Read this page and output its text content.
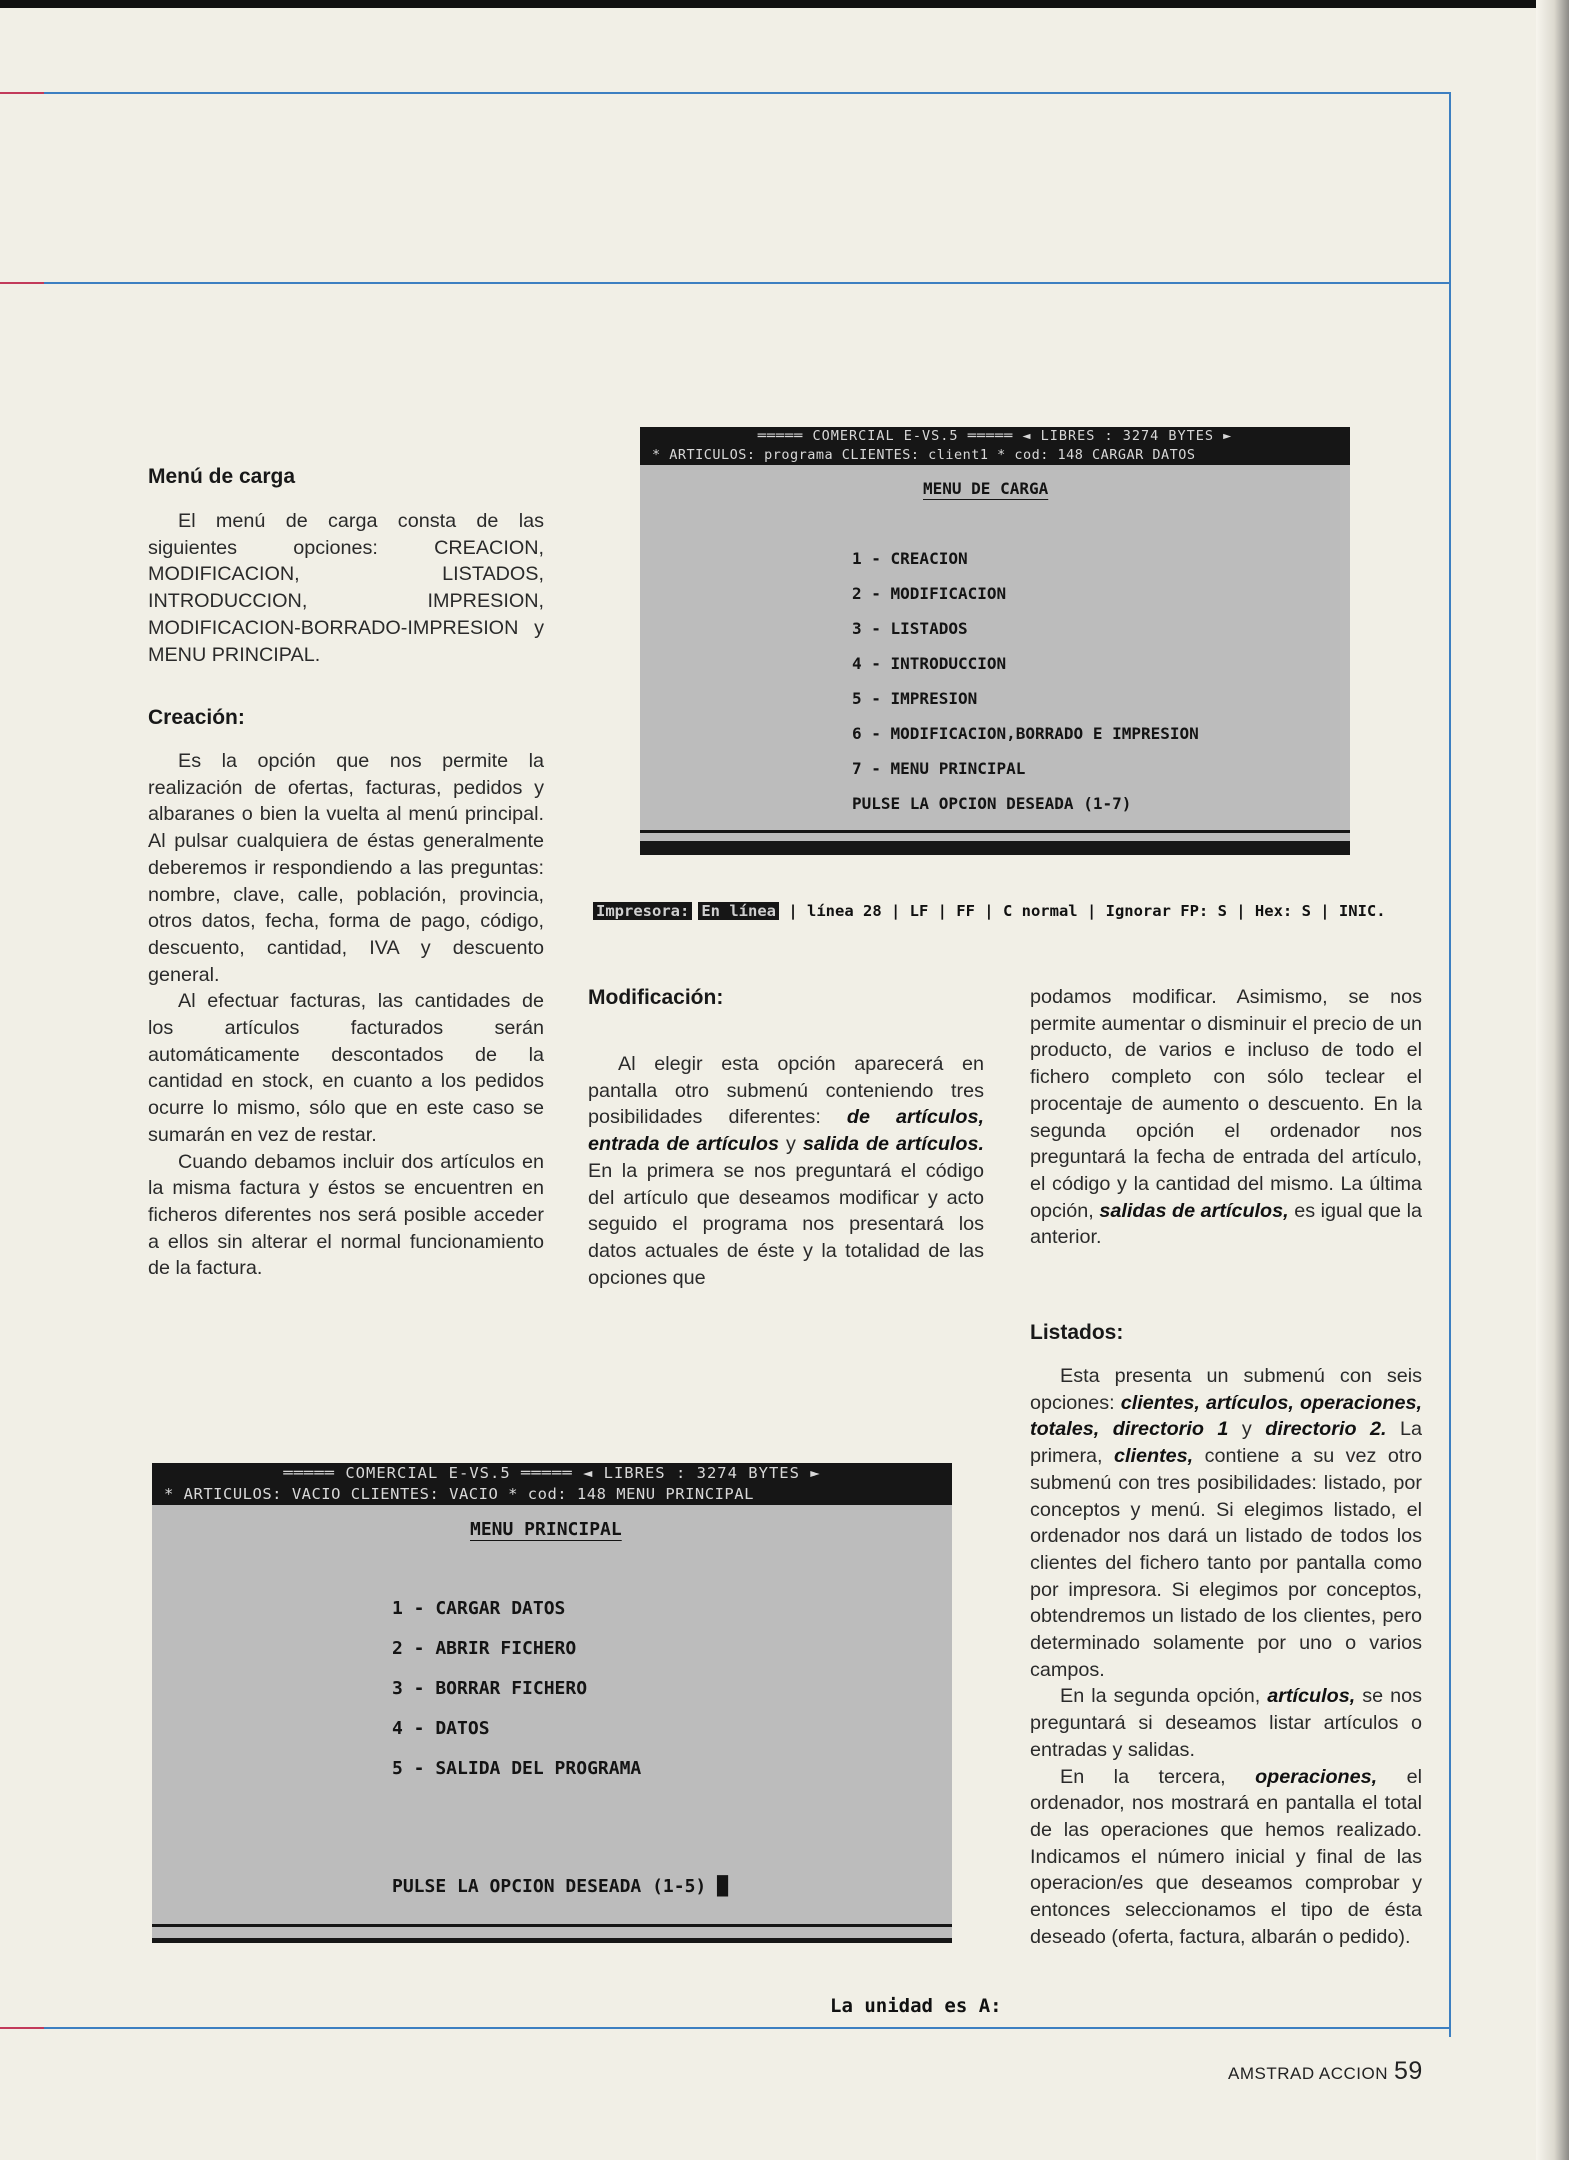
Menú de carga

El menú de carga consta de las siguientes opciones: CREACION, MODIFICACION, LISTADOS, INTRODUCCION, IMPRESION, MODIFICACION-BORRADO-IMPRESION y MENU PRINCIPAL.

Creación:

Es la opción que nos permite la realización de ofertas, facturas, pedidos y albaranes o bien la vuelta al menú principal. Al pulsar cualquiera de éstas generalmente deberemos ir respondiendo a las preguntas: nombre, clave, calle, población, provincia, otros datos, fecha, forma de pago, código, descuento, cantidad, IVA y descuento general.

Al efectuar facturas, las cantidades de los artículos facturados serán automáticamente descontados de la cantidad en stock, en cuanto a los pedidos ocurre lo mismo, sólo que en este caso se sumarán en vez de restar.

Cuando debamos incluir dos artículos en la misma factura y éstos se encuentren en ficheros diferentes nos será posible acceder a ellos sin alterar el normal funcionamiento de la factura.

═════ COMERCIAL E-VS.5 ═════ ◄ LIBRES : 3274 BYTES ►
* ARTICULOS: programa CLIENTES: client1 * cod: 148 CARGAR DATOS
MENU DE CARGA
1 - CREACION
2 - MODIFICACION
3 - LISTADOS
4 - INTRODUCCION
5 - IMPRESION
6 - MODIFICACION,BORRADO E IMPRESION
7 - MENU PRINCIPAL
PULSE LA OPCION DESEADA (1-7)
Impresora: En línea | línea 28 | LF | FF | C normal | Ignorar FP: S | Hex: S | INIC.
Modificación:

Al elegir esta opción aparecerá en pantalla otro submenú conteniendo tres posibilidades diferentes: de artículos, entrada de artículos y salida de artículos. En la primera se nos preguntará el código del artículo que deseamos modificar y acto seguido el programa nos presentará los datos actuales de éste y la totalidad de las opciones que

podamos modificar. Asimismo, se nos permite aumentar o disminuir el precio de un producto, de varios e incluso de todo el fichero completo con sólo teclear el procentaje de aumento o descuento. En la segunda opción el ordenador nos preguntará la fecha de entrada del artículo, el código y la cantidad del mismo. La última opción, salidas de artículos, es igual que la anterior.

Listados:

Esta presenta un submenú con seis opciones: clientes, artículos, operaciones, totales, directorio 1 y directorio 2. La primera, clientes, contiene a su vez otro submenú con tres posibilidades: listado, por conceptos y menú. Si elegimos listado, el ordenador nos dará un listado de todos los clientes del fichero tanto por pantalla como por impresora. Si elegimos por conceptos, obtendremos un listado de los clientes, pero determinado solamente por uno o varios campos.

En la segunda opción, artículos, se nos preguntará si deseamos listar artículos o entradas y salidas.

En la tercera, operaciones, el ordenador, nos mostrará en pantalla el total de las operaciones que hemos realizado. Indicamos el número inicial y final de las operacion/es que deseamos comprobar y entonces seleccionamos el tipo de ésta deseado (oferta, factura, albarán o pedido).

═════ COMERCIAL E-VS.5 ═════ ◄ LIBRES : 3274 BYTES ►
* ARTICULOS: VACIO CLIENTES: VACIO * cod: 148 MENU PRINCIPAL
MENU PRINCIPAL
1 - CARGAR DATOS
2 - ABRIR FICHERO
3 - BORRAR FICHERO
4 - DATOS
5 - SALIDA DEL PROGRAMA
PULSE LA OPCION DESEADA (1-5) █
La unidad es A:
AMSTRAD ACCION 59
